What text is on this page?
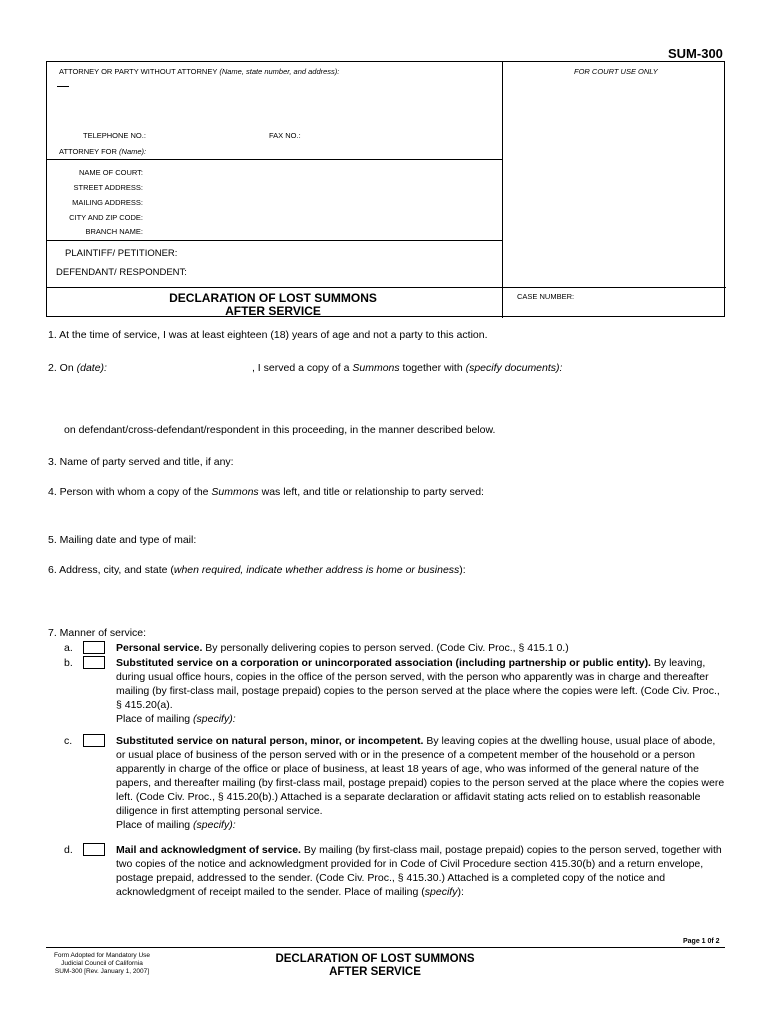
SUM-300
ATTORNEY OR PARTY WITHOUT ATTORNEY (Name, state number, and address):	FOR COURT USE ONLY
TELEPHONE NO.:	FAX NO.:
ATTORNEY FOR (Name):
NAME OF COURT:
STREET ADDRESS:
MAILING ADDRESS:
CITY AND ZIP CODE:
BRANCH NAME:
PLAINTIFF/ PETITIONER:
DEFENDANT/ RESPONDENT:
DECLARATION OF LOST SUMMONS
AFTER SERVICE
CASE NUMBER:
1. At the time of service, I was at least eighteen (18) years of age and not a party to this action.
2. On (date):	, I served a copy of a Summons together with (specify documents):
on defendant/cross-defendant/respondent in this proceeding, in the manner described below.
3. Name of party served and title, if any:
4. Person with whom a copy of the Summons was left, and title or relationship to party served:
5. Mailing date and type of mail:
6. Address, city, and state (when required, indicate whether address is home or business):
7. Manner of service:
a.	Personal service. By personally delivering copies to person served. (Code Civ. Proc., § 415.1 0.)
b.	Substituted service on a corporation or unincorporated association (including partnership or public entity). By leaving, during usual office hours, copies in the office of the person served, with the person who apparently was in charge and thereafter mailing (by first-class mail, postage prepaid) copies to the person served at the place where the copies were left. (Code Civ. Proc., § 415.20(a).
Place of mailing (specify):
c.	Substituted service on natural person, minor, or incompetent. By leaving copies at the dwelling house, usual place of abode, or usual place of business of the person served with or in the presence of a competent member of the household or a person apparently in charge of the office or place of business, at least 18 years of age, who was informed of the general nature of the papers, and thereafter mailing (by first-class mail, postage prepaid) copies to the person served at the place where the copies were left. (Code Civ. Proc., § 415.20(b).) Attached is a separate declaration or affidavit stating acts relied on to establish reasonable diligence in first attempting personal service.
Place of mailing (specify):
d.	Mail and acknowledgment of service. By mailing (by first-class mail, postage prepaid) copies to the person served, together with two copies of the notice and acknowledgment provided for in Code of Civil Procedure section 415.30(b) and a return envelope, postage prepaid, addressed to the sender. (Code Civ. Proc., § 415.30.) Attached is a completed copy of the notice and acknowledgment of receipt mailed to the sender. Place of mailing (specify):
Page 1 0f 2
Form Adopted for Mandatory Use
Judicial Council of California
SUM-300 [Rev. January 1, 2007]
DECLARATION OF LOST SUMMONS
AFTER SERVICE
